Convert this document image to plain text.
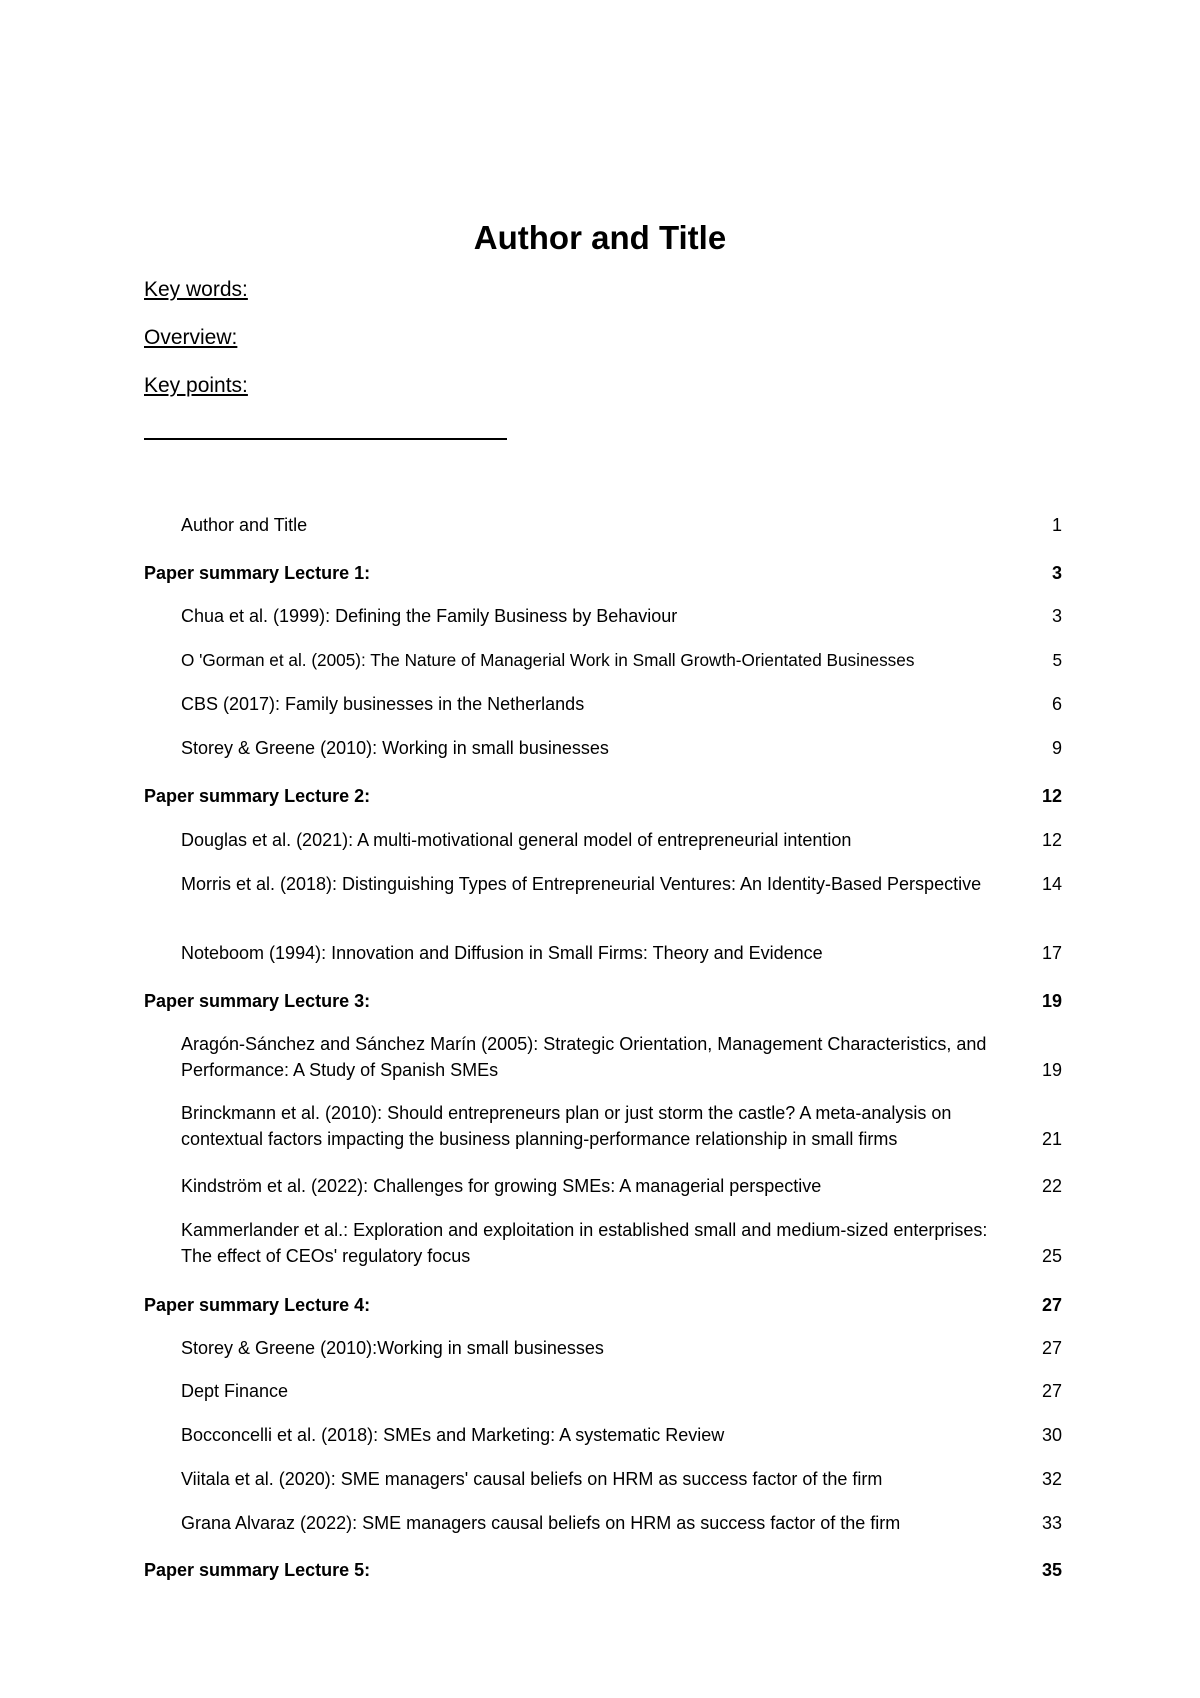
Author and Title
Key words:
Overview:
Key points:
Author and Title	1
Paper summary Lecture 1:	3
Chua et al. (1999): Defining the Family Business by Behaviour	3
O 'Gorman et al. (2005): The Nature of Managerial Work in Small Growth-Orientated Businesses	5
CBS (2017): Family businesses in the Netherlands	6
Storey & Greene (2010): Working in small businesses	9
Paper summary Lecture 2:	12
Douglas et al. (2021): A multi-motivational general model of entrepreneurial intention	12
Morris et al. (2018): Distinguishing Types of Entrepreneurial Ventures: An Identity-Based Perspective	14
Noteboom (1994): Innovation and Diffusion in Small Firms: Theory and Evidence	17
Paper summary Lecture 3:	19
Aragón-Sánchez and Sánchez Marín (2005): Strategic Orientation, Management Characteristics, and Performance: A Study of Spanish SMEs	19
Brinckmann et al. (2010): Should entrepreneurs plan or just storm the castle? A meta-analysis on contextual factors impacting the business planning-performance relationship in small firms	21
Kindström et al. (2022): Challenges for growing SMEs: A managerial perspective	22
Kammerlander et al.: Exploration and exploitation in established small and medium-sized enterprises: The effect of CEOs' regulatory focus	25
Paper summary Lecture 4:	27
Storey & Greene (2010):Working in small businesses	27
Dept Finance	27
Bocconcelli et al. (2018): SMEs and Marketing: A systematic Review	30
Viitala et al. (2020): SME managers' causal beliefs on HRM as success factor of the firm	32
Grana Alvaraz (2022): SME managers causal beliefs on HRM as success factor of the firm	33
Paper summary Lecture 5:	35
